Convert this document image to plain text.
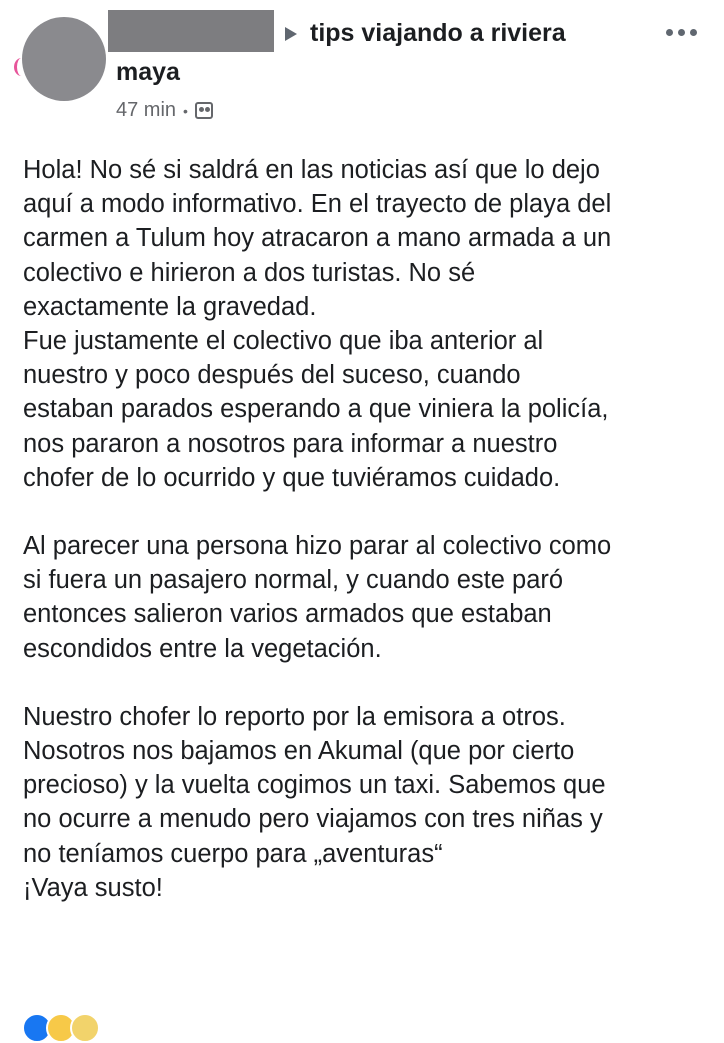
tips viajando a riviera
maya
47 min •

Hola! No sé si saldrá en las noticias así que lo dejo
aquí a modo informativo. En el trayecto de playa del
carmen a Tulum hoy atracaron a mano armada a un
colectivo e hirieron a dos turistas. No sé
exactamente la gravedad.
Fue justamente el colectivo que iba anterior al
nuestro y poco después del suceso, cuando
estaban parados esperando a que viniera la policía,
nos pararon a nosotros para informar a nuestro
chofer de lo ocurrido y que tuviéramos cuidado.

Al parecer una persona hizo parar al colectivo como
si fuera un pasajero normal, y cuando este paró
entonces salieron varios armados que estaban
escondidos entre la vegetación.

Nuestro chofer lo reporto por la emisora a otros.
Nosotros nos bajamos en Akumal (que por cierto
precioso) y la vuelta cogimos un taxi. Sabemos que
no ocurre a menudo pero viajamos con tres niñas y
no teníamos cuerpo para „aventuras“
¡Vaya susto!
